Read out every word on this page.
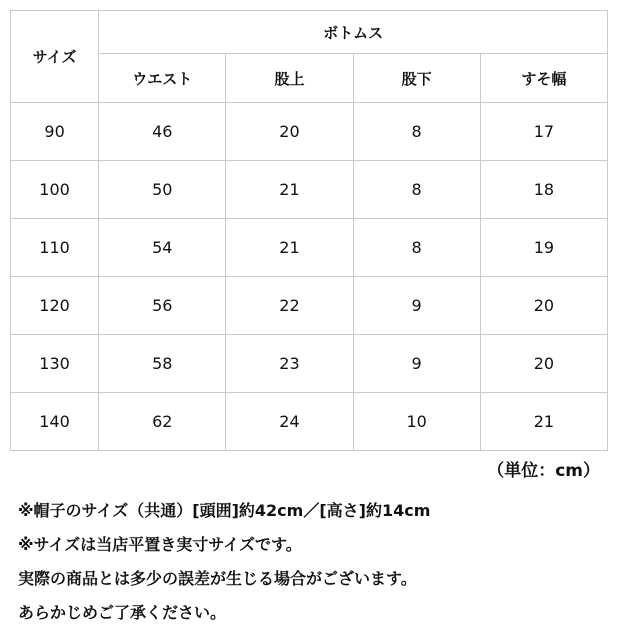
サイズ	ボトムス			
	ウエスト	股上	股下	すそ幅
90	46	20	8	17
100	50	21	8	18
110	54	21	8	19
120	56	22	9	20
130	58	23	9	20
140	62	24	10	21
（単位：cm）
※帽子のサイズ（共通）[頭囲]約42cm／[高さ]約14cm
※サイズは当店平置き実寸サイズです。
実際の商品とは多少の誤差が生じる場合がございます。
あらかじめご了承ください。
